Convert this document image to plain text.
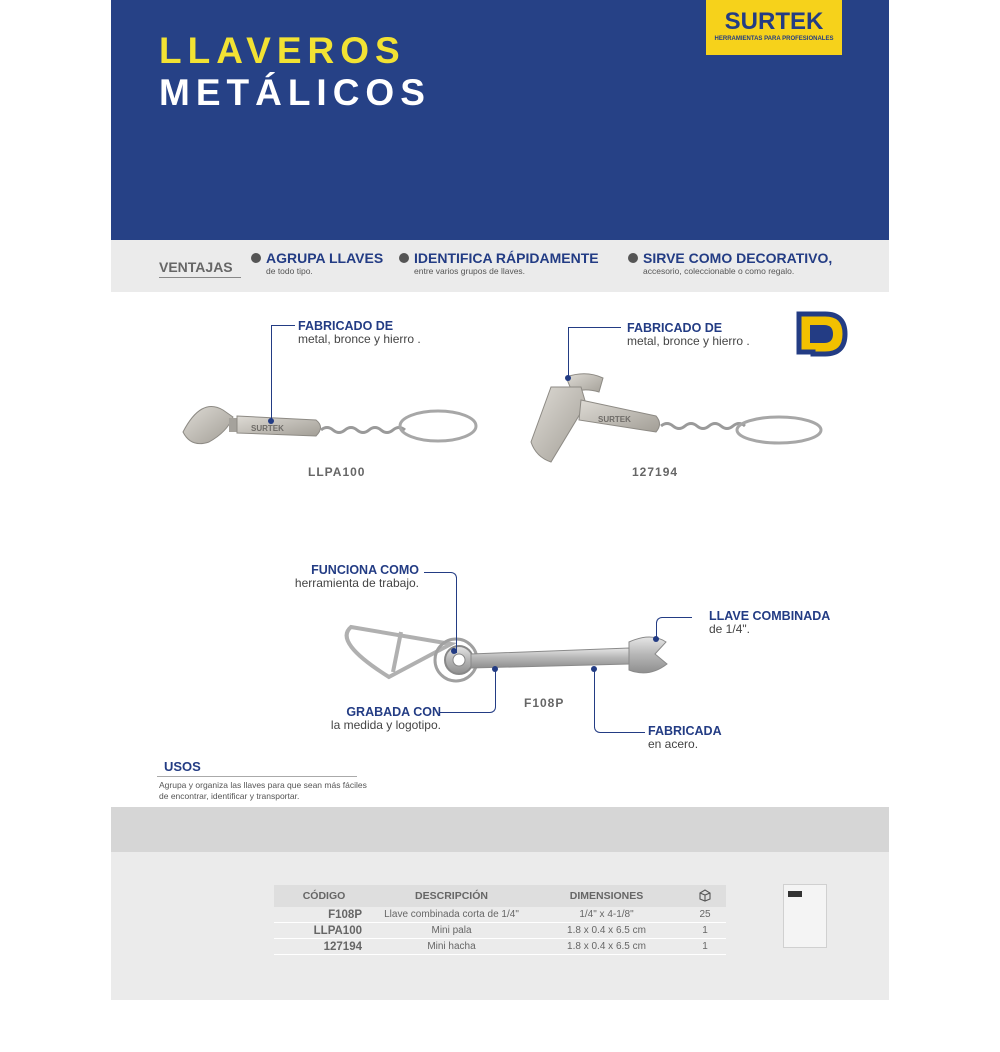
LLAVEROS
METÁLICOS
SURTEK
HERRAMIENTAS PARA PROFESIONALES
VENTAJAS
AGRUPA LLAVES
de todo tipo.
IDENTIFICA RÁPIDAMENTE
entre varios grupos de llaves.
SIRVE COMO DECORATIVO,
accesorio, coleccionable o como regalo.
SURTEK
SURTEK
FABRICADO DE
metal, bronce y hierro .
FABRICADO DE
metal, bronce y hierro .
FUNCIONA COMO
herramienta de trabajo.
LLAVE COMBINADA
de 1/4".
GRABADA CON
la medida y logotipo.	FABRICADA
en acero.
LLPA100	127194
F108P
USOS
Agrupa y organiza las llaves para que sean más fáciles de encontrar, identificar y transportar.
CÓDIGO	DESCRIPCIÓN	DIMENSIONES	
F108P	Llave combinada corta de 1/4"	1/4" x 4-1/8"	25
LLPA100	Mini pala	1.8 x 0.4 x 6.5 cm	1
127194	Mini hacha	1.8 x 0.4 x 6.5 cm	1
